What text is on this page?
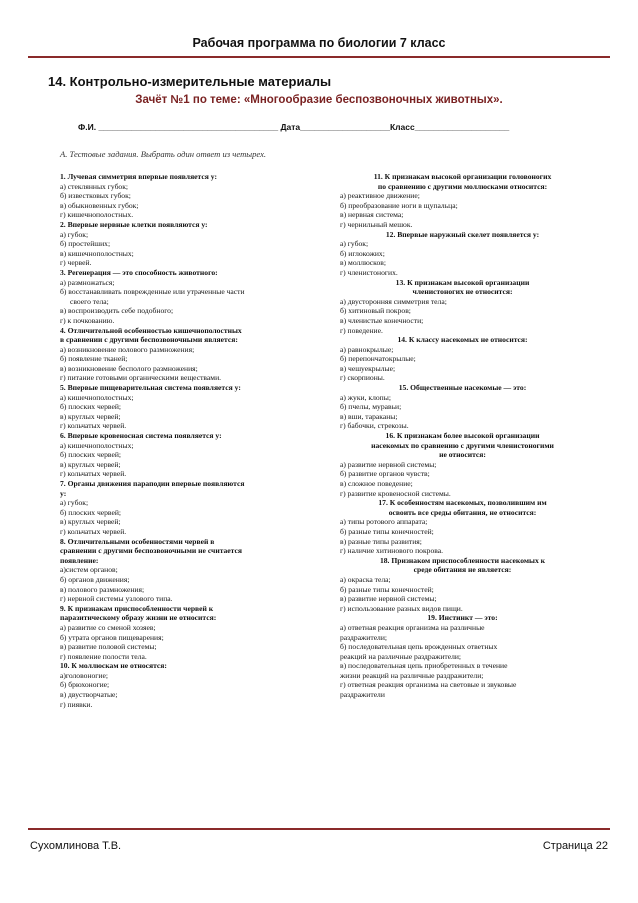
Рабочая программа по биологии 7 класс
14. Контрольно-измерительные материалы
Зачёт №1 по теме: «Многообразие беспозвоночных животных».
Ф.И. ______________________________________ Дата___________________Класс____________________
А. Тестовые задания. Выбрать один ответ из четырех.
1. Лучевая симметрия впервые появляется у:
а) стеклянных губок;
б) известковых губок;
в) обыкновенных губок;
г) кишечнополостных.
2. Впервые нервные клетки появляются у:
а) губок;
б) простейших;
в) кишечнополостных;
г) червей.
3. Регенерация — это способность животного:
а) размножаться;
б) восстанавливать поврежденные или утраченные части
своего тела;
в) воспроизводить себе подобного;
г) к почкованию.
4. Отличительной особенностью кишечнополостных
в сравнении с другими беспозвоночными является:
а) возникновение полового размножения;
б) появление тканей;
в) возникновение бесполого размножения;
г) питание готовыми органическими веществами.
5. Впервые пищеварительная система появляется у:
а) кишечнополостных;
б) плоских червей;
в) круглых червей;
г) кольчатых червей.
6. Впервые кровеносная система появляется у:
а) кишечнополостных;
б) плоских червей;
в) круглых червей;
г) кольчатых червей.
7. Органы движения параподии впервые появляются
у:
а) губок;
б) плоских червей;
в) круглых червей;
г) кольчатых червей.
8. Отличительными особенностями червей в
сравнении с другими беспозвоночными не считается
появление:
а)систем органов;
б) органов движения;
в) полового размножения;
г) нервной системы узлового типа.
9. К признакам приспособленности червей к
паразитическому образу жизни не относится:
а) развитие со сменой хозяев;
б) утрата органов пищеварения;
в) развитие половой системы;
г) появление полости тела.
10. К моллюскам не относятся:
а)головоногие;
б) брюхоногие;
в) двустворчатые;
г) пиявки.
11. К признакам высокой организации головоногих
по сравнению с другими моллюсками относится:
а) реактивное движение;
б) преобразование ноги в щупальца;
в) нервная система;
г) чернильный мешок.
12. Впервые наружный скелет появляется у:
а) губок;
б) иглокожих;
в) моллюсков;
г) членистоногих.
13. К признакам высокой организации
членистоногих не относится:
а) двусторонняя симметрия тела;
б) хитиновый покров;
в) членистые конечности;
г) поведение.
14. К классу насекомых не относится:
а) равнокрылые;
б) перепончатокрылые;
в) чешуекрылые;
г) скорпионы.
15. Общественные насекомые — это:
а) жуки, клопы;
б) пчелы, муравьи;
в) вши, тараканы;
г) бабочки, стрекозы.
16. К признакам более высокой организации
насекомых по сравнению с другими членистоногими
не относится:
а) развитие нервной системы;
б) развитие органов чувств;
в) сложное поведение;
г) развитие кровеносной системы.
17. К особенностям насекомых, позволившим им
освоить все среды обитания, не относится:
а) типы ротового аппарата;
б) разные типы конечностей;
в) разные типы развития;
г) наличие хитинового покрова.
18. Признаком приспособленности насекомых к
среде обитания не является:
а) окраска тела;
б) разные типы конечностей;
в) развитие нервной системы;
г) использование разных видов пищи.
19. Инстинкт — это:
а) ответная реакция организма на различные
раздражители;
б) последовательная цепь врожденных ответных
реакций на различные раздражители;
в) последовательная цепь приобретенных в течение
жизни реакций на различные раздражители;
г) ответная реакция организма на световые и звуковые
раздражители
Сухомлинова Т.В.	Страница 22
